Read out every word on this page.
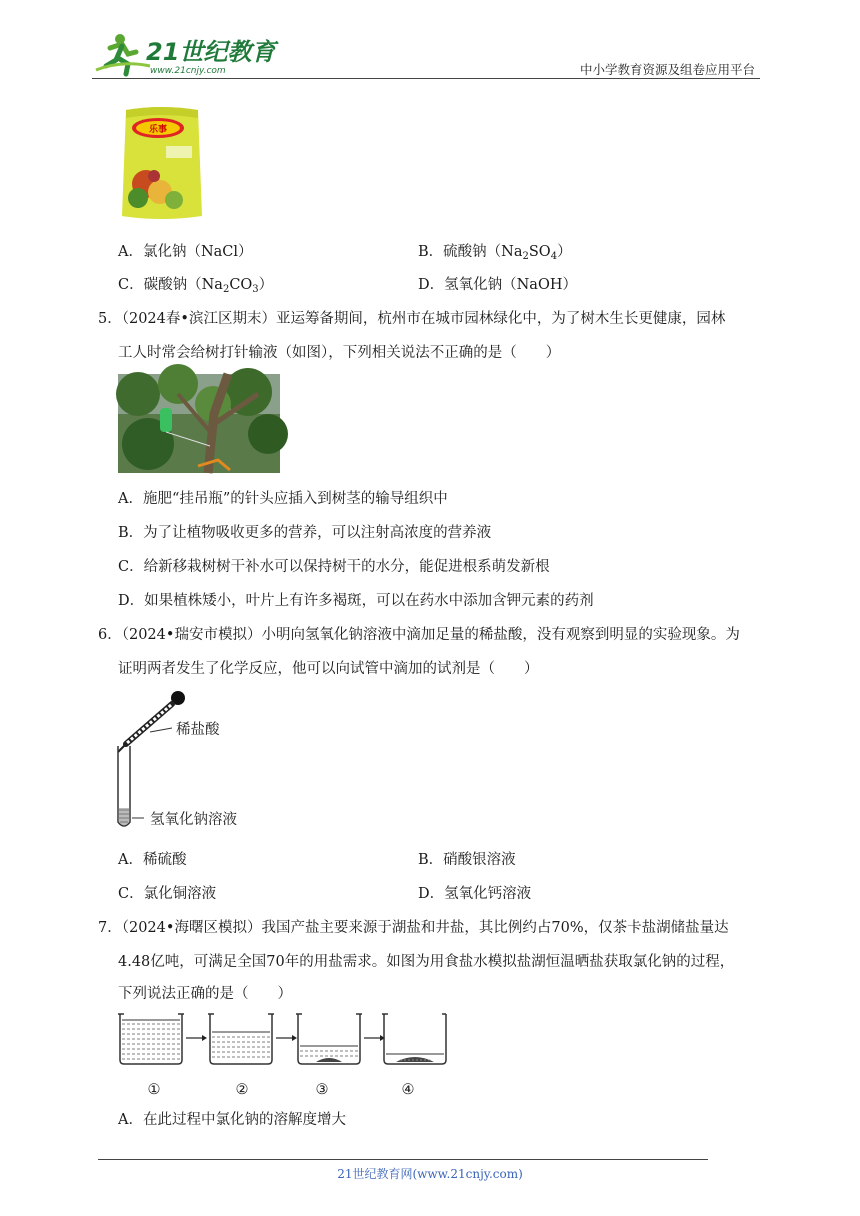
21世纪教育
www.21cnjy.com	中小学教育资源及组卷应用平台
乐事
A．氯化钠（NaCl）	B．硫酸钠$(Na_2SO_4)$
C．碳酸钠$(Na_2CO_3)$	D．氢氧化钠（NaOH）
5．（2024春•滨江区期末）亚运筹备期间，杭州市在城市园林绿化中，为了树木生长更健康，园林
工人时常会给树打针输液（如图），下列相关说法不正确的是（　　）
A．施肥“挂吊瓶”的针头应插入到树茎的输导组织中
B．为了让植物吸收更多的营养，可以注射高浓度的营养液
C．给新移栽树树干补水可以保持树干的水分，能促进根系萌发新根
D．如果植株矮小，叶片上有许多褐斑，可以在药水中添加含钾元素的药剂
6．（2024•瑞安市模拟）小明向氢氧化钠溶液中滴加足量的稀盐酸，没有观察到明显的实验现象。为
证明两者发生了化学反应，他可以向试管中滴加的试剂是（　　）
稀盐酸
氢氧化钠溶液
A．稀硫酸	B．硝酸银溶液
C．氯化铜溶液	D．氢氧化钙溶液
7．（2024•海曙区模拟）我国产盐主要来源于湖盐和井盐，其比例约占70%，仅茶卡盐湖储盐量达
4.48亿吨，可满足全国70年的用盐需求。如图为用食盐水模拟盐湖恒温晒盐获取氯化钠的过程，
下列说法正确的是（　　）
①	②	③	④
A．在此过程中氯化钠的溶解度增大
21世纪教育网(www.21cnjy.com)
